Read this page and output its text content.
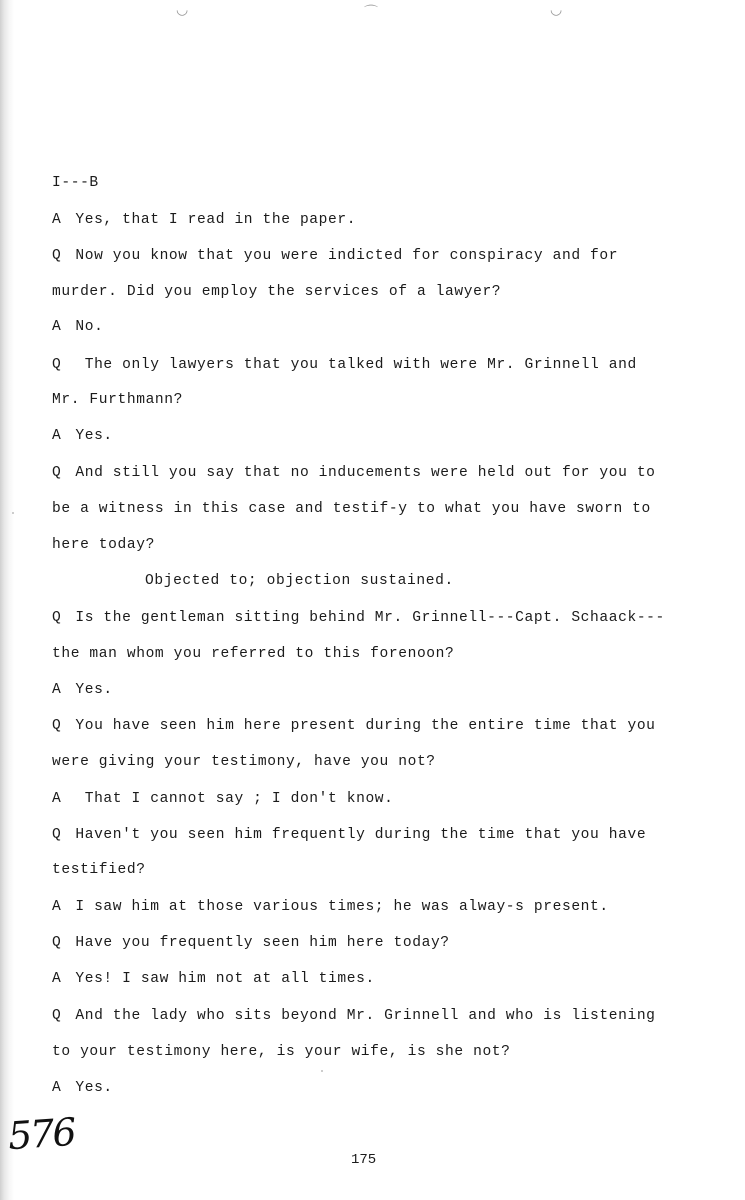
◡	⌒	◡
I---B
A Yes, that I read in the paper.
Q Now you know that you were indicted for conspiracy and for
murder. Did you employ the services of a lawyer?
A No.
Q The only lawyers that you talked with were Mr. Grinnell and
Mr. Furthmann?
A Yes.
Q And still you say that no inducements were held out for you to
be a witness in this case and testif-y to what you have sworn to
here today?
Objected to; objection sustained.
Q Is the gentleman sitting behind Mr. Grinnell---Capt. Schaack---
the man whom you referred to this forenoon?
A Yes.
Q You have seen him here present during the entire time that you
were giving your testimony, have you not?
A That I cannot say ; I don't know.
Q Haven't you seen him frequently during the time that you have
testified?
A I saw him at those various times; he was alway-s present.
Q Have you frequently seen him here today?
A Yes! I saw him not at all times.
Q And the lady who sits beyond Mr. Grinnell and who is listening
to your testimony here, is your wife, is she not?
A Yes.
576
175
